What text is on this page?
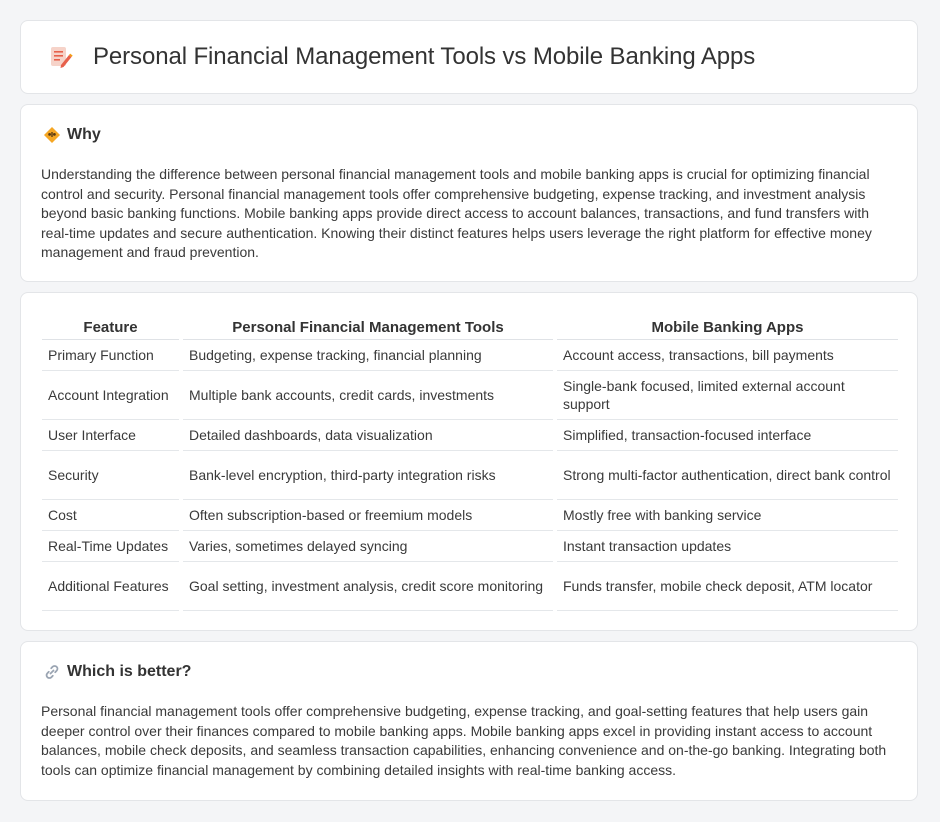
Personal Financial Management Tools vs Mobile Banking Apps
Why

Understanding the difference between personal financial management tools and mobile banking apps is crucial for optimizing financial control and security. Personal financial management tools offer comprehensive budgeting, expense tracking, and investment analysis beyond basic banking functions. Mobile banking apps provide direct access to account balances, transactions, and fund transfers with real-time updates and secure authentication. Knowing their distinct features helps users leverage the right platform for effective money management and fraud prevention.

Feature	Personal Financial Management Tools	Mobile Banking Apps
Primary Function	Budgeting, expense tracking, financial planning	Account access, transactions, bill payments
Account Integration	Multiple bank accounts, credit cards, investments	Single-bank focused, limited external account support
User Interface	Detailed dashboards, data visualization	Simplified, transaction-focused interface
Security	Bank-level encryption, third-party integration risks	Strong multi-factor authentication, direct bank control
Cost	Often subscription-based or freemium models	Mostly free with banking service
Real-Time Updates	Varies, sometimes delayed syncing	Instant transaction updates
Additional Features	Goal setting, investment analysis, credit score monitoring	Funds transfer, mobile check deposit, ATM locator
Which is better?

Personal financial management tools offer comprehensive budgeting, expense tracking, and goal-setting features that help users gain deeper control over their finances compared to mobile banking apps. Mobile banking apps excel in providing instant access to account balances, mobile check deposits, and seamless transaction capabilities, enhancing convenience and on-the-go banking. Integrating both tools can optimize financial management by combining detailed insights with real-time banking access.
